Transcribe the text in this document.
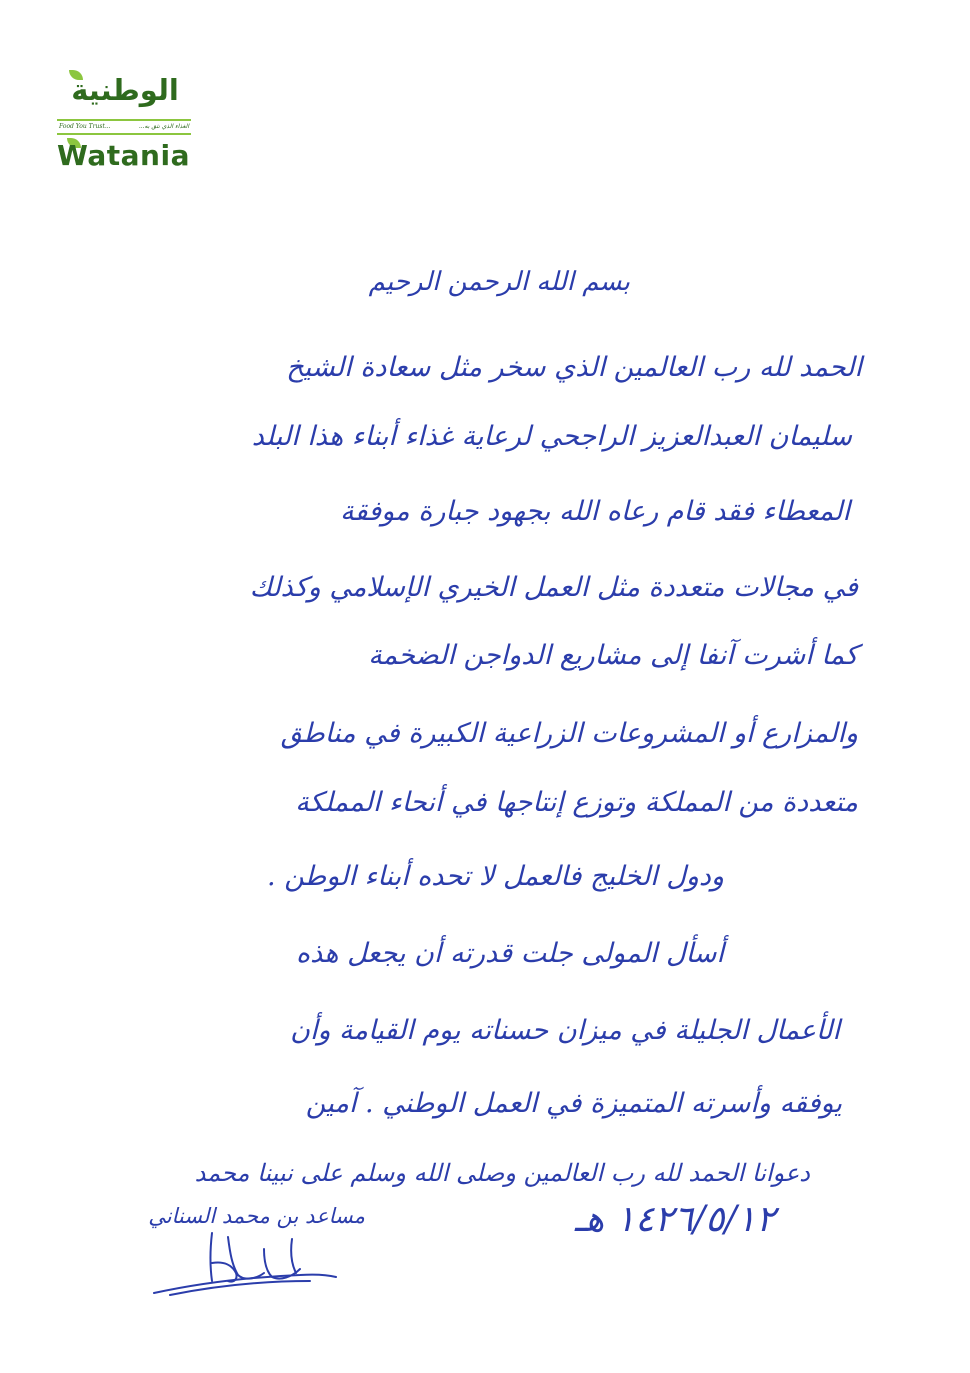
الوطنية
Food You Trust...	الغذاء الذي نثق به...
Watania
بسم الله الرحمن الرحيم
الحمد لله رب العالمين الذي سخر مثل سعادة الشيخ
سليمان العبدالعزيز الراجحي لرعاية غذاء أبناء هذا البلد
المعطاء فقد قام رعاه الله بجهود جبارة موفقة
في مجالات متعددة مثل العمل الخيري الإسلامي وكذلك
كما أشرت آنفا إلى مشاريع الدواجن الضخمة
والمزارع أو المشروعات الزراعية الكبيرة في مناطق
متعددة من المملكة وتوزع إنتاجها في أنحاء المملكة
ودول الخليج فالعمل لا تحده أبناء الوطن .
أسأل المولى جلت قدرته أن يجعل هذه
الأعمال الجليلة في ميزان حسناته يوم القيامة وأن
يوفقه وأسرته المتميزة في العمل الوطني . آمين
دعوانا الحمد لله رب العالمين وصلى الله وسلم على نبينا محمد
١٤٢٦/٥/١٢ هـ
مساعد بن محمد السناني
